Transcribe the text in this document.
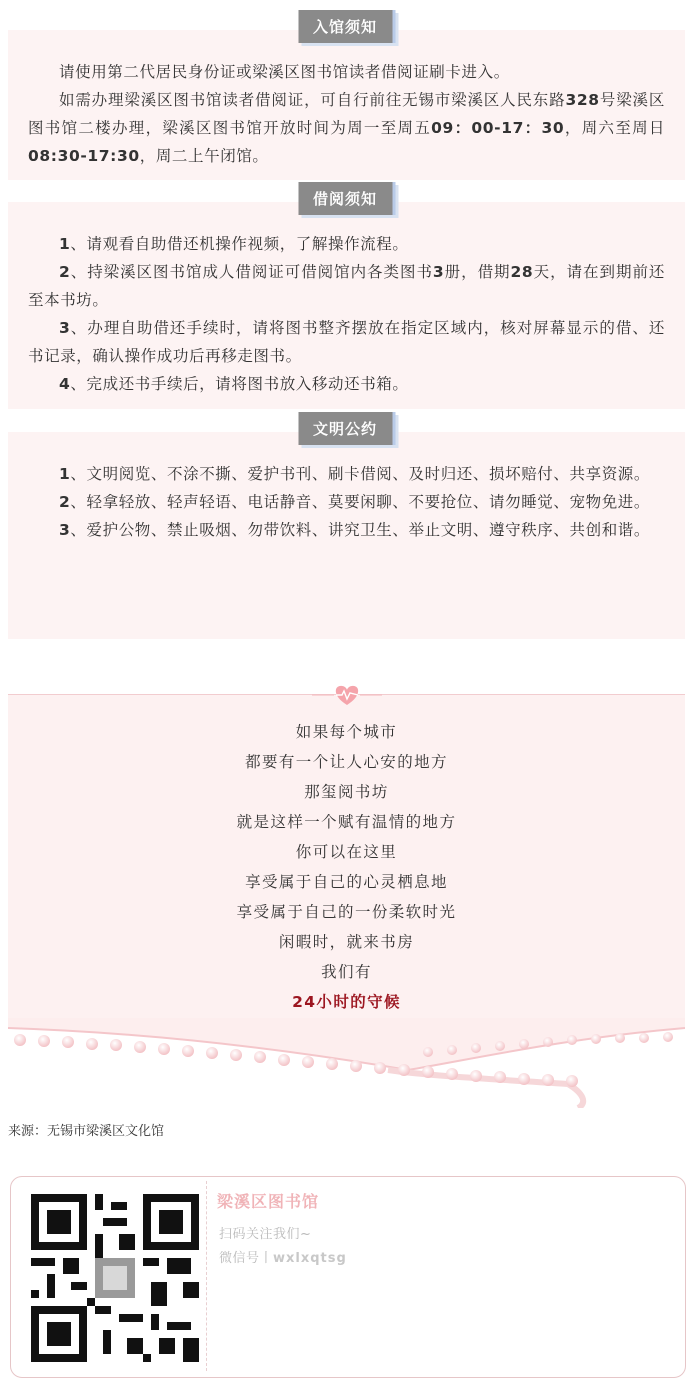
入馆须知

请使用第二代居民身份证或梁溪区图书馆读者借阅证刷卡进入。

如需办理梁溪区图书馆读者借阅证，可自行前往无锡市梁溪区人民东路328号梁溪区图书馆二楼办理，梁溪区图书馆开放时间为周一至周五09：00-17：30，周六至周日08:30-17:30，周二上午闭馆。

借阅须知

1、请观看自助借还机操作视频，了解操作流程。

2、持梁溪区图书馆成人借阅证可借阅馆内各类图书3册，借期28天，请在到期前还至本书坊。

3、办理自助借还手续时，请将图书整齐摆放在指定区域内，核对屏幕显示的借、还书记录，确认操作成功后再移走图书。

4、完成还书手续后，请将图书放入移动还书箱。

文明公约

1、文明阅览、不涂不撕、爱护书刊、刷卡借阅、及时归还、损坏赔付、共享资源。

2、轻拿轻放、轻声轻语、电话静音、莫要闲聊、不要抢位、请勿睡觉、宠物免进。

3、爱护公物、禁止吸烟、勿带饮料、讲究卫生、举止文明、遵守秩序、共创和谐。

如果每个城市
都要有一个让人心安的地方
那玺阅书坊
就是这样一个赋有温情的地方
你可以在这里
享受属于自己的心灵栖息地
享受属于自己的一份柔软时光
闲暇时，就来书房
我们有
24小时的守候
来源：无锡市梁溪区文化馆
梁溪区图书馆
扫码关注我们~
微信号丨wxlxqtsg
